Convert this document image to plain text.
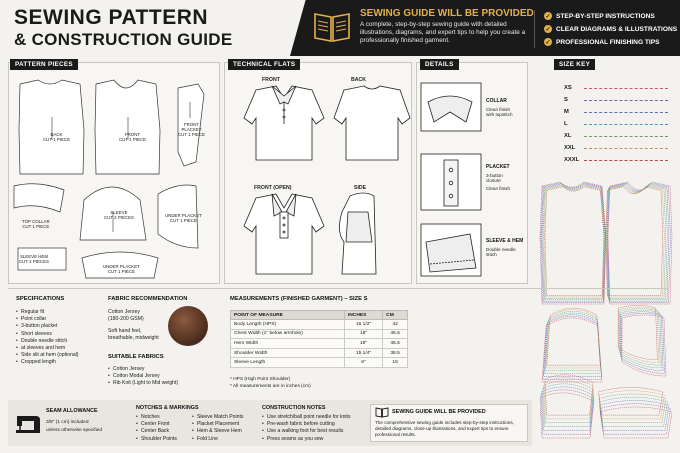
SEWING PATTERN
& CONSTRUCTION GUIDE
SEWING GUIDE WILL BE PROVIDED
A complete, step-by-step sewing guide with detailed illustrations, diagrams, and expert tips to help you create a professionally finished garment.
✓ STEP-BY-STEP INSTRUCTIONS
✓ CLEAR DIAGRAMS & ILLUSTRATIONS
✓ PROFESSIONAL FINISHING TIPS
PATTERN PIECES
BACK
CUT 1 PIECE
FRONT
CUT 1 PIECE
FRONT
PLACKET
CUT 1 PIECE
TOP COLLAR
CUT 1 PIECE
SLEEVE
CUT 2 PIECES	UNDER PLACKET
CUT 1 PIECE
SLEEVE HEM
CUT 2 PIECES
UNDER PLACKET
CUT 1 PIECE
TECHNICAL FLATS
FRONT	BACK
FRONT (OPEN)	SIDE
DETAILS
COLLAR
Clean finish
with topstitch
PLACKET
3-button
closure
Clean finish
SLEEVE & HEM
Double needle
stitch
SIZE KEY
XS
S
M
L
XL
XXL
XXXL
SPECIFICATIONS
• Regular fit
• Point collar
• 3-button placket
• Short sleeves
• Double needle stitch
• at sleeves and hem
• Side slit at hem (optional)
• Cropped length
FABRIC RECOMMENDATION
Cotton Jersey
(180-200 GSM)
Soft hand feel,
breathable, midweight
SUITABLE FABRICS
• Cotton Jersey
• Cotton Modal Jersey
• Rib Knit (Light to Mid weight)
MEASUREMENTS (FINISHED GARMENT) – SIZE S
POINT OF MEASURE	INCHES	CM
Body Length (HPS)	16 1/2"	42
Chest Width (1" below armhole)	18"	45.5
Hem Width	18"	45.5
Shoulder Width	15 1/4"	38.5
Sleeve Length	6"	15
* HPS (High Point Shoulder)
* All measurements are in inches (cm)
SEAM ALLOWANCE
3/8" (1 cm) included
unless otherwise specified
NOTCHES & MARKINGS
• Notches
• Center Front
• Center Back
• Shoulder Points
• Sleeve Match Points
• Placket Placement
• Hem & Sleeve Hem
• Fold Line
CONSTRUCTION NOTES
• Use stretch/ball point needle for knits
• Pre-wash fabric before cutting
• Use a walking foot for best results
• Press seams as you sew
SEWING GUIDE WILL BE PROVIDED
The comprehensive sewing guide includes step-by-step instructions, detailed diagrams, close-up illustrations, and expert tips to ensure professional results.
